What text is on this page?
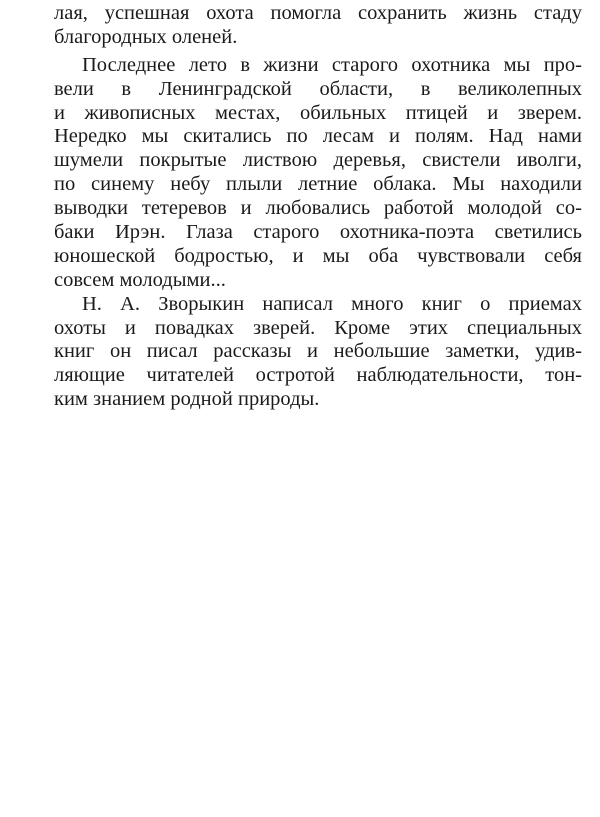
лая, успешная охота помогла сохранить жизнь стаду
благородных оленей.
Последнее лето в жизни старого охотника мы про-
вели в Ленинградской области, в великолепных
и живописных местах, обильных птицей и зверем.
Нередко мы скитались по лесам и полям. Над нами
шумели покрытые листвою деревья, свистели иволги,
по синему небу плыли летние облака. Мы находили
выводки тетеревов и любовались работой молодой со-
баки Ирэн. Глаза старого охотника-поэта светились
юношеской бодростью, и мы оба чувствовали себя
совсем молодыми...
Н. А. Зворыкин написал много книг о приемах
охоты и повадках зверей. Кроме этих специальных
книг он писал рассказы и небольшие заметки, удив-
ляющие читателей остротой наблюдательности, тон-
ким знанием родной природы.
